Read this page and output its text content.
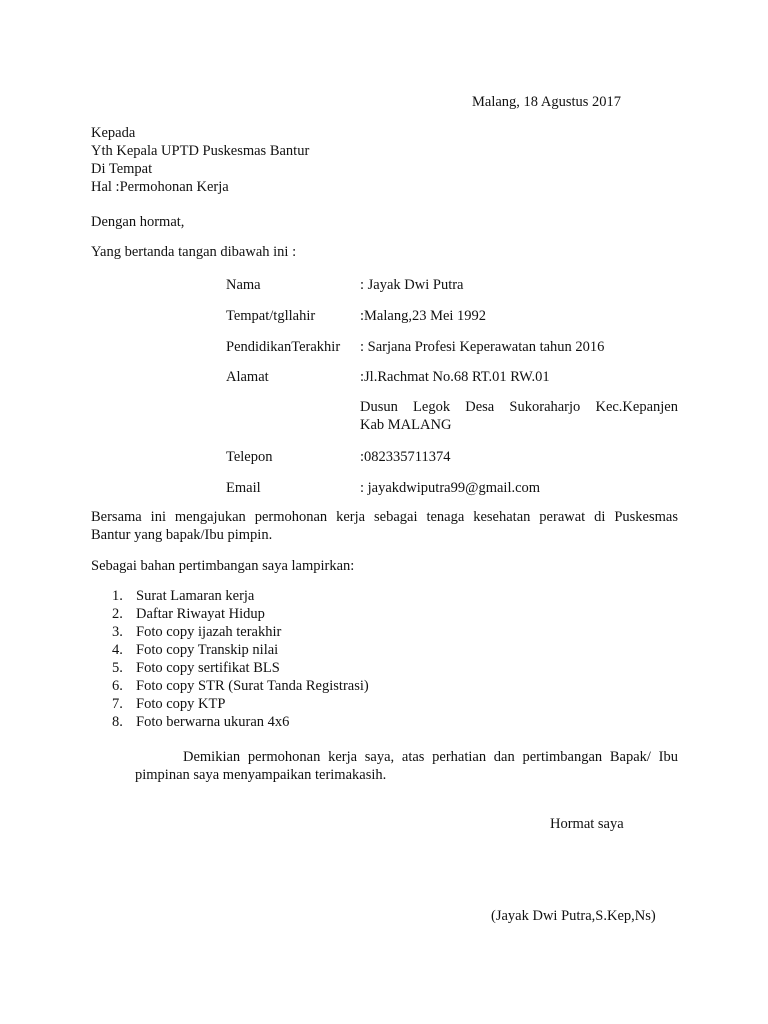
Malang, 18 Agustus 2017
Kepada
Yth Kepala UPTD Puskesmas Bantur
Di Tempat
Hal :Permohonan Kerja
Dengan hormat,
Yang bertanda tangan dibawah ini :
Nama	: Jayak Dwi Putra
Tempat/tgllahir	:Malang,23 Mei 1992
PendidikanTerakhir : Sarjana Profesi Keperawatan tahun 2016
Alamat	:Jl.Rachmat No.68 RT.01 RW.01
Dusun Legok Desa Sukoraharjo Kec.Kepanjen
Kab MALANG
Telepon	:082335711374
Email	: jayakdwiputra99@gmail.com
Bersama ini mengajukan permohonan kerja sebagai tenaga kesehatan perawat di Puskesmas
Bantur yang bapak/Ibu pimpin.
Sebagai bahan pertimbangan saya lampirkan:
1. Surat Lamaran kerja
2. Daftar Riwayat Hidup
3. Foto copy ijazah terakhir
4. Foto copy Transkip nilai
5. Foto copy sertifikat BLS
6. Foto copy STR (Surat Tanda Registrasi)
7. Foto copy KTP
8. Foto berwarna ukuran 4x6
Demikian permohonan kerja saya, atas perhatian dan pertimbangan Bapak/ Ibu
pimpinan saya menyampaikan terimakasih.
Hormat saya
(Jayak Dwi Putra,S.Kep,Ns)
